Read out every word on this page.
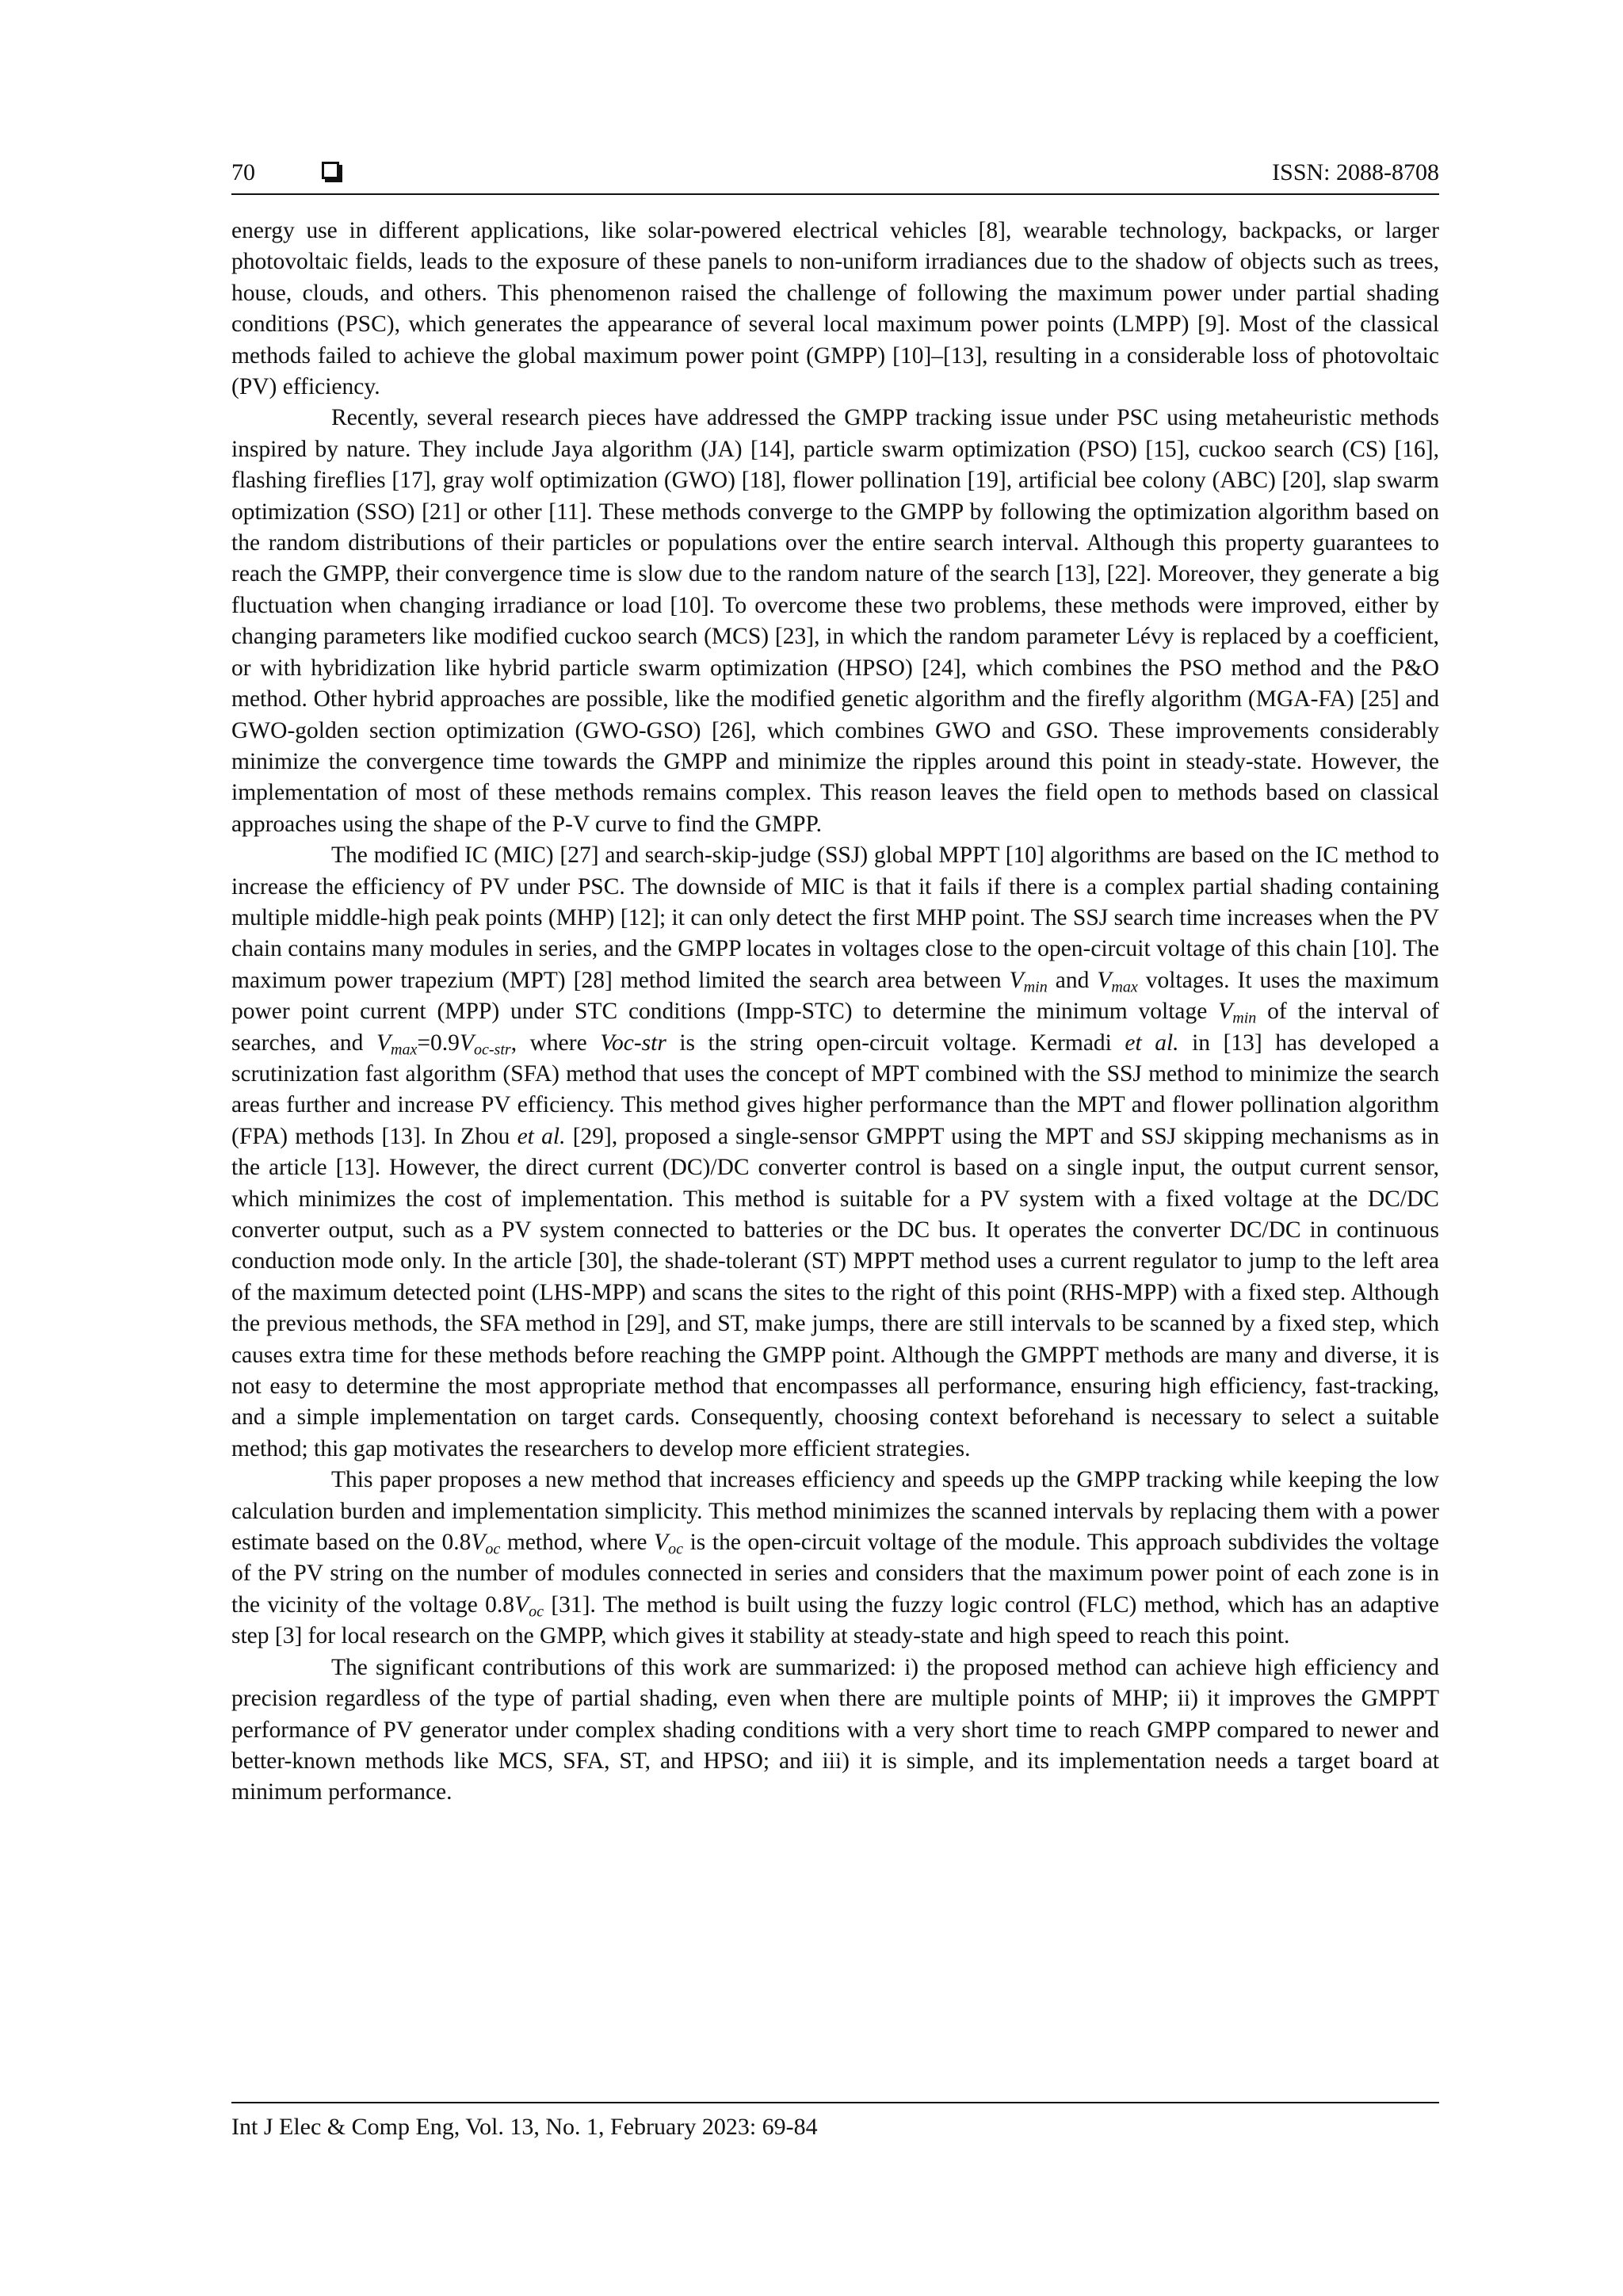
70	ISSN: 2088-8708

energy use in different applications, like solar-powered electrical vehicles [8], wearable technology, backpacks, or larger photovoltaic fields, leads to the exposure of these panels to non-uniform irradiances due to the shadow of objects such as trees, house, clouds, and others. This phenomenon raised the challenge of following the maximum power under partial shading conditions (PSC), which generates the appearance of several local maximum power points (LMPP) [9]. Most of the classical methods failed to achieve the global maximum power point (GMPP) [10]–[13], resulting in a considerable loss of photovoltaic (PV) efficiency.

Recently, several research pieces have addressed the GMPP tracking issue under PSC using metaheuristic methods inspired by nature. They include Jaya algorithm (JA) [14], particle swarm optimization (PSO) [15], cuckoo search (CS) [16], flashing fireflies [17], gray wolf optimization (GWO) [18], flower pollination [19], artificial bee colony (ABC) [20], slap swarm optimization (SSO) [21] or other [11]. These methods converge to the GMPP by following the optimization algorithm based on the random distributions of their particles or populations over the entire search interval. Although this property guarantees to reach the GMPP, their convergence time is slow due to the random nature of the search [13], [22]. Moreover, they generate a big fluctuation when changing irradiance or load [10]. To overcome these two problems, these methods were improved, either by changing parameters like modified cuckoo search (MCS) [23], in which the random parameter Lévy is replaced by a coefficient, or with hybridization like hybrid particle swarm optimization (HPSO) [24], which combines the PSO method and the P&O method. Other hybrid approaches are possible, like the modified genetic algorithm and the firefly algorithm (MGA-FA) [25] and GWO-golden section optimization (GWO-GSO) [26], which combines GWO and GSO. These improvements considerably minimize the convergence time towards the GMPP and minimize the ripples around this point in steady-state. However, the implementation of most of these methods remains complex. This reason leaves the field open to methods based on classical approaches using the shape of the P-V curve to find the GMPP.

The modified IC (MIC) [27] and search-skip-judge (SSJ) global MPPT [10] algorithms are based on the IC method to increase the efficiency of PV under PSC. The downside of MIC is that it fails if there is a complex partial shading containing multiple middle-high peak points (MHP) [12]; it can only detect the first MHP point. The SSJ search time increases when the PV chain contains many modules in series, and the GMPP locates in voltages close to the open-circuit voltage of this chain [10]. The maximum power trapezium (MPT) [28] method limited the search area between $V_{min}$ and $V_{max}$ voltages. It uses the maximum power point current (MPP) under STC conditions (Impp-STC) to determine the minimum voltage $V_{min}$ of the interval of searches, and $V_{max}=0.9V_{oc-str}$, where Voc-str is the string open-circuit voltage. Kermadi et al. in [13] has developed a scrutinization fast algorithm (SFA) method that uses the concept of MPT combined with the SSJ method to minimize the search areas further and increase PV efficiency. This method gives higher performance than the MPT and flower pollination algorithm (FPA) methods [13]. In Zhou et al. [29], proposed a single-sensor GMPPT using the MPT and SSJ skipping mechanisms as in the article [13]. However, the direct current (DC)/DC converter control is based on a single input, the output current sensor, which minimizes the cost of implementation. This method is suitable for a PV system with a fixed voltage at the DC/DC converter output, such as a PV system connected to batteries or the DC bus. It operates the converter DC/DC in continuous conduction mode only. In the article [30], the shade-tolerant (ST) MPPT method uses a current regulator to jump to the left area of the maximum detected point (LHS-MPP) and scans the sites to the right of this point (RHS-MPP) with a fixed step. Although the previous methods, the SFA method in [29], and ST, make jumps, there are still intervals to be scanned by a fixed step, which causes extra time for these methods before reaching the GMPP point. Although the GMPPT methods are many and diverse, it is not easy to determine the most appropriate method that encompasses all performance, ensuring high efficiency, fast-tracking, and a simple implementation on target cards. Consequently, choosing context beforehand is necessary to select a suitable method; this gap motivates the researchers to develop more efficient strategies.

This paper proposes a new method that increases efficiency and speeds up the GMPP tracking while keeping the low calculation burden and implementation simplicity. This method minimizes the scanned intervals by replacing them with a power estimate based on the $0.8V_{oc}$ method, where $V_{oc}$ is the open-circuit voltage of the module. This approach subdivides the voltage of the PV string on the number of modules connected in series and considers that the maximum power point of each zone is in the vicinity of the voltage $0.8V_{oc}$ [31]. The method is built using the fuzzy logic control (FLC) method, which has an adaptive step [3] for local research on the GMPP, which gives it stability at steady-state and high speed to reach this point.

The significant contributions of this work are summarized: i) the proposed method can achieve high efficiency and precision regardless of the type of partial shading, even when there are multiple points of MHP; ii) it improves the GMPPT performance of PV generator under complex shading conditions with a very short time to reach GMPP compared to newer and better-known methods like MCS, SFA, ST, and HPSO; and iii) it is simple, and its implementation needs a target board at minimum performance.

Int J Elec & Comp Eng, Vol. 13, No. 1, February 2023: 69-84
